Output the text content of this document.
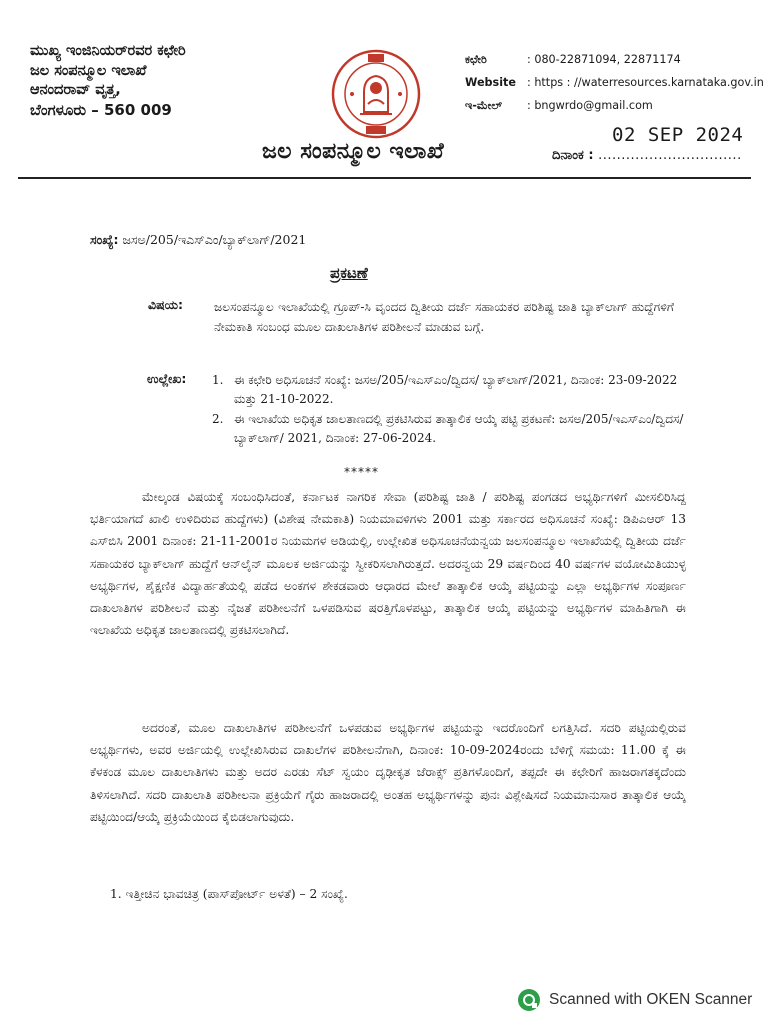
ಮುಖ್ಯ ಇಂಜಿನಿಯರ್‌ರವರ ಕಛೇರಿ
ಜಲ ಸಂಪನ್ಮೂಲ ಇಲಾಖೆ
ಆನಂದರಾವ್ ವೃತ್ತ,
ಬೆಂಗಳೂರು – 560 009
ಕಛೇರಿ	: 080-22871094, 22871174
Website : https : //waterresources.karnataka.gov.in
ಇ-ಮೇಲ್	: bngwrdo@gmail.com
02 SEP 2024
ಜಲ ಸಂಪನ್ಮೂಲ ಇಲಾಖೆ	ದಿನಾಂಕ : ...............................
ಸಂಖ್ಯೆ: ಜಸಅ/205/ಇಎಸ್‌ಎಂ/ಬ್ಯಾಕ್‌ಲಾಗ್/2021
ಪ್ರಕಟಣೆ
ವಿಷಯ:	ಜಲಸಂಪನ್ಮೂಲ ಇಲಾಖೆಯಲ್ಲಿ ಗ್ರೂಪ್-ಸಿ ವೃಂದದ ದ್ವಿತೀಯ ದರ್ಜೆ ಸಹಾಯಕರ ಪರಿಶಿಷ್ಟ ಜಾತಿ ಬ್ಯಾಕ್‌ಲಾಗ್ ಹುದ್ದೆಗಳಿಗೆ ನೇಮಕಾತಿ ಸಂಬಂಧ ಮೂಲ ದಾಖಲಾತಿಗಳ ಪರಿಶೀಲನೆ ಮಾಡುವ ಬಗ್ಗೆ.
ಉಲ್ಲೇಖ: 1. ಈ ಕಛೇರಿ ಅಧಿಸೂಚನೆ ಸಂಖ್ಯೆ: ಜಸಅ/205/ಇಎಸ್‌ಎಂ/ದ್ವಿದಸ/ ಬ್ಯಾಕ್‌ಲಾಗ್/2021, ದಿನಾಂಕ: 23-09-2022 ಮತ್ತು 21-10-2022.
2. ಈ ಇಲಾಖೆಯ ಅಧಿಕೃತ ಜಾಲತಾಣದಲ್ಲಿ ಪ್ರಕಟಿಸಿರುವ ತಾತ್ಕಾಲಿಕ ಆಯ್ಕೆ ಪಟ್ಟಿ ಪ್ರಕಟಣೆ: ಜಸಅ/205/ಇಎಸ್‌ಎಂ/ದ್ವಿದಸ/ಬ್ಯಾಕ್‌ಲಾಗ್/ 2021, ದಿನಾಂಕ: 27-06-2024.
*****
ಮೇಲ್ಕಂಡ ವಿಷಯಕ್ಕೆ ಸಂಬಂಧಿಸಿದಂತೆ, ಕರ್ನಾಟಕ ನಾಗರಿಕ ಸೇವಾ (ಪರಿಶಿಷ್ಟ ಜಾತಿ / ಪರಿಶಿಷ್ಟ ಪಂಗಡದ ಅಭ್ಯರ್ಥಿಗಳಿಗೆ ಮೀಸಲಿರಿಸಿದ್ದ ಭರ್ತಿಯಾಗದೆ ಖಾಲಿ ಉಳಿದಿರುವ ಹುದ್ದೆಗಳು) (ವಿಶೇಷ ನೇಮಕಾತಿ) ನಿಯಮಾವಳಿಗಳು 2001 ಮತ್ತು ಸರ್ಕಾರದ ಅಧಿಸೂಚನೆ ಸಂಖ್ಯೆ: ಡಿಪಿಎಆರ್ 13 ಎಸ್‌ಬಿಸಿ 2001 ದಿನಾಂಕ: 21-11-2001ರ ನಿಯಮಗಳ ಅಡಿಯಲ್ಲಿ, ಉಲ್ಲೇಖಿತ ಅಧಿಸೂಚನೆಯನ್ವಯ ಜಲಸಂಪನ್ಮೂಲ ಇಲಾಖೆಯಲ್ಲಿ ದ್ವಿತೀಯ ದರ್ಜೆ ಸಹಾಯಕರ ಬ್ಯಾಕ್‌ಲಾಗ್ ಹುದ್ದೆಗೆ ಆನ್‌ಲೈನ್ ಮೂಲಕ ಅರ್ಜಿಯನ್ನು ಸ್ವೀಕರಿಸಲಾಗಿರುತ್ತದೆ. ಅದರನ್ವಯ 29 ವರ್ಷದಿಂದ 40 ವರ್ಷಗಳ ವಯೋಮಿತಿಯುಳ್ಳ ಅಭ್ಯರ್ಥಿಗಳ, ಶೈಕ್ಷಣಿಕ ವಿದ್ಯಾರ್ಹತೆಯಲ್ಲಿ ಪಡೆದ ಅಂಕಗಳ ಶೇಕಡವಾರು ಆಧಾರದ ಮೇಲೆ ತಾತ್ಕಾಲಿಕ ಆಯ್ಕೆ ಪಟ್ಟಿಯನ್ನು ಎಲ್ಲಾ ಅಭ್ಯರ್ಥಿಗಳ ಸಂಪೂರ್ಣ ದಾಖಲಾತಿಗಳ ಪರಿಶೀಲನೆ ಮತ್ತು ನೈಜತೆ ಪರಿಶೀಲನೆಗೆ ಒಳಪಡಿಸುವ ಷರತ್ತಿಗೊಳಪಟ್ಟು, ತಾತ್ಕಾಲಿಕ ಆಯ್ಕೆ ಪಟ್ಟಿಯನ್ನು ಅಭ್ಯರ್ಥಿಗಳ ಮಾಹಿತಿಗಾಗಿ ಈ ಇಲಾಖೆಯ ಅಧಿಕೃತ ಜಾಲತಾಣದಲ್ಲಿ ಪ್ರಕಟಿಸಲಾಗಿದೆ.
ಅದರಂತೆ, ಮೂಲ ದಾಖಲಾತಿಗಳ ಪರಿಶೀಲನೆಗೆ ಒಳಪಡುವ ಅಭ್ಯರ್ಥಿಗಳ ಪಟ್ಟಿಯನ್ನು ಇದರೊಂದಿಗೆ ಲಗತ್ತಿಸಿದೆ. ಸದರಿ ಪಟ್ಟಿಯಲ್ಲಿರುವ ಅಭ್ಯರ್ಥಿಗಳು, ಅವರ ಅರ್ಜಿಯಲ್ಲಿ ಉಲ್ಲೇಖಿಸಿರುವ ದಾಖಲೆಗಳ ಪರಿಶೀಲನೆಗಾಗಿ, ದಿನಾಂಕ: 10-09-2024ರಂದು ಬೆಳಿಗ್ಗೆ ಸಮಯ: 11.00 ಕ್ಕೆ ಈ ಕೆಳಕಂಡ ಮೂಲ ದಾಖಲಾತಿಗಳು ಮತ್ತು ಅದರ ಎರಡು ಸೆಟ್ ಸ್ವಯಂ ದೃಢೀಕೃತ ಜೆರಾಕ್ಸ್ ಪ್ರತಿಗಳೊಂದಿಗೆ, ತಪ್ಪದೇ ಈ ಕಛೇರಿಗೆ ಹಾಜರಾಗತಕ್ಕದೆಂದು ತಿಳಿಸಲಾಗಿದೆ. ಸದರಿ ದಾಖಲಾತಿ ಪರಿಶೀಲನಾ ಪ್ರಕ್ರಿಯೆಗೆ ಗೈರು ಹಾಜರಾದಲ್ಲಿ ಅಂತಹ ಅಭ್ಯರ್ಥಿಗಳನ್ನು ಪುನಃ ವಿಶ್ಲೇಷಿಸದೆ ನಿಯಮಾನುಸಾರ ತಾತ್ಕಾಲಿಕ ಆಯ್ಕೆ ಪಟ್ಟಿಯಿಂದ/ಆಯ್ಕೆ ಪ್ರಕ್ರಿಯೆಯಿಂದ ಕೈಬಿಡಲಾಗುವುದು.
1. ಇತ್ತೀಚಿನ ಭಾವಚಿತ್ರ (ಪಾಸ್‌ಪೋರ್ಟ್ ಅಳತೆ) – 2 ಸಂಖ್ಯೆ.
Scanned with OKEN Scanner
